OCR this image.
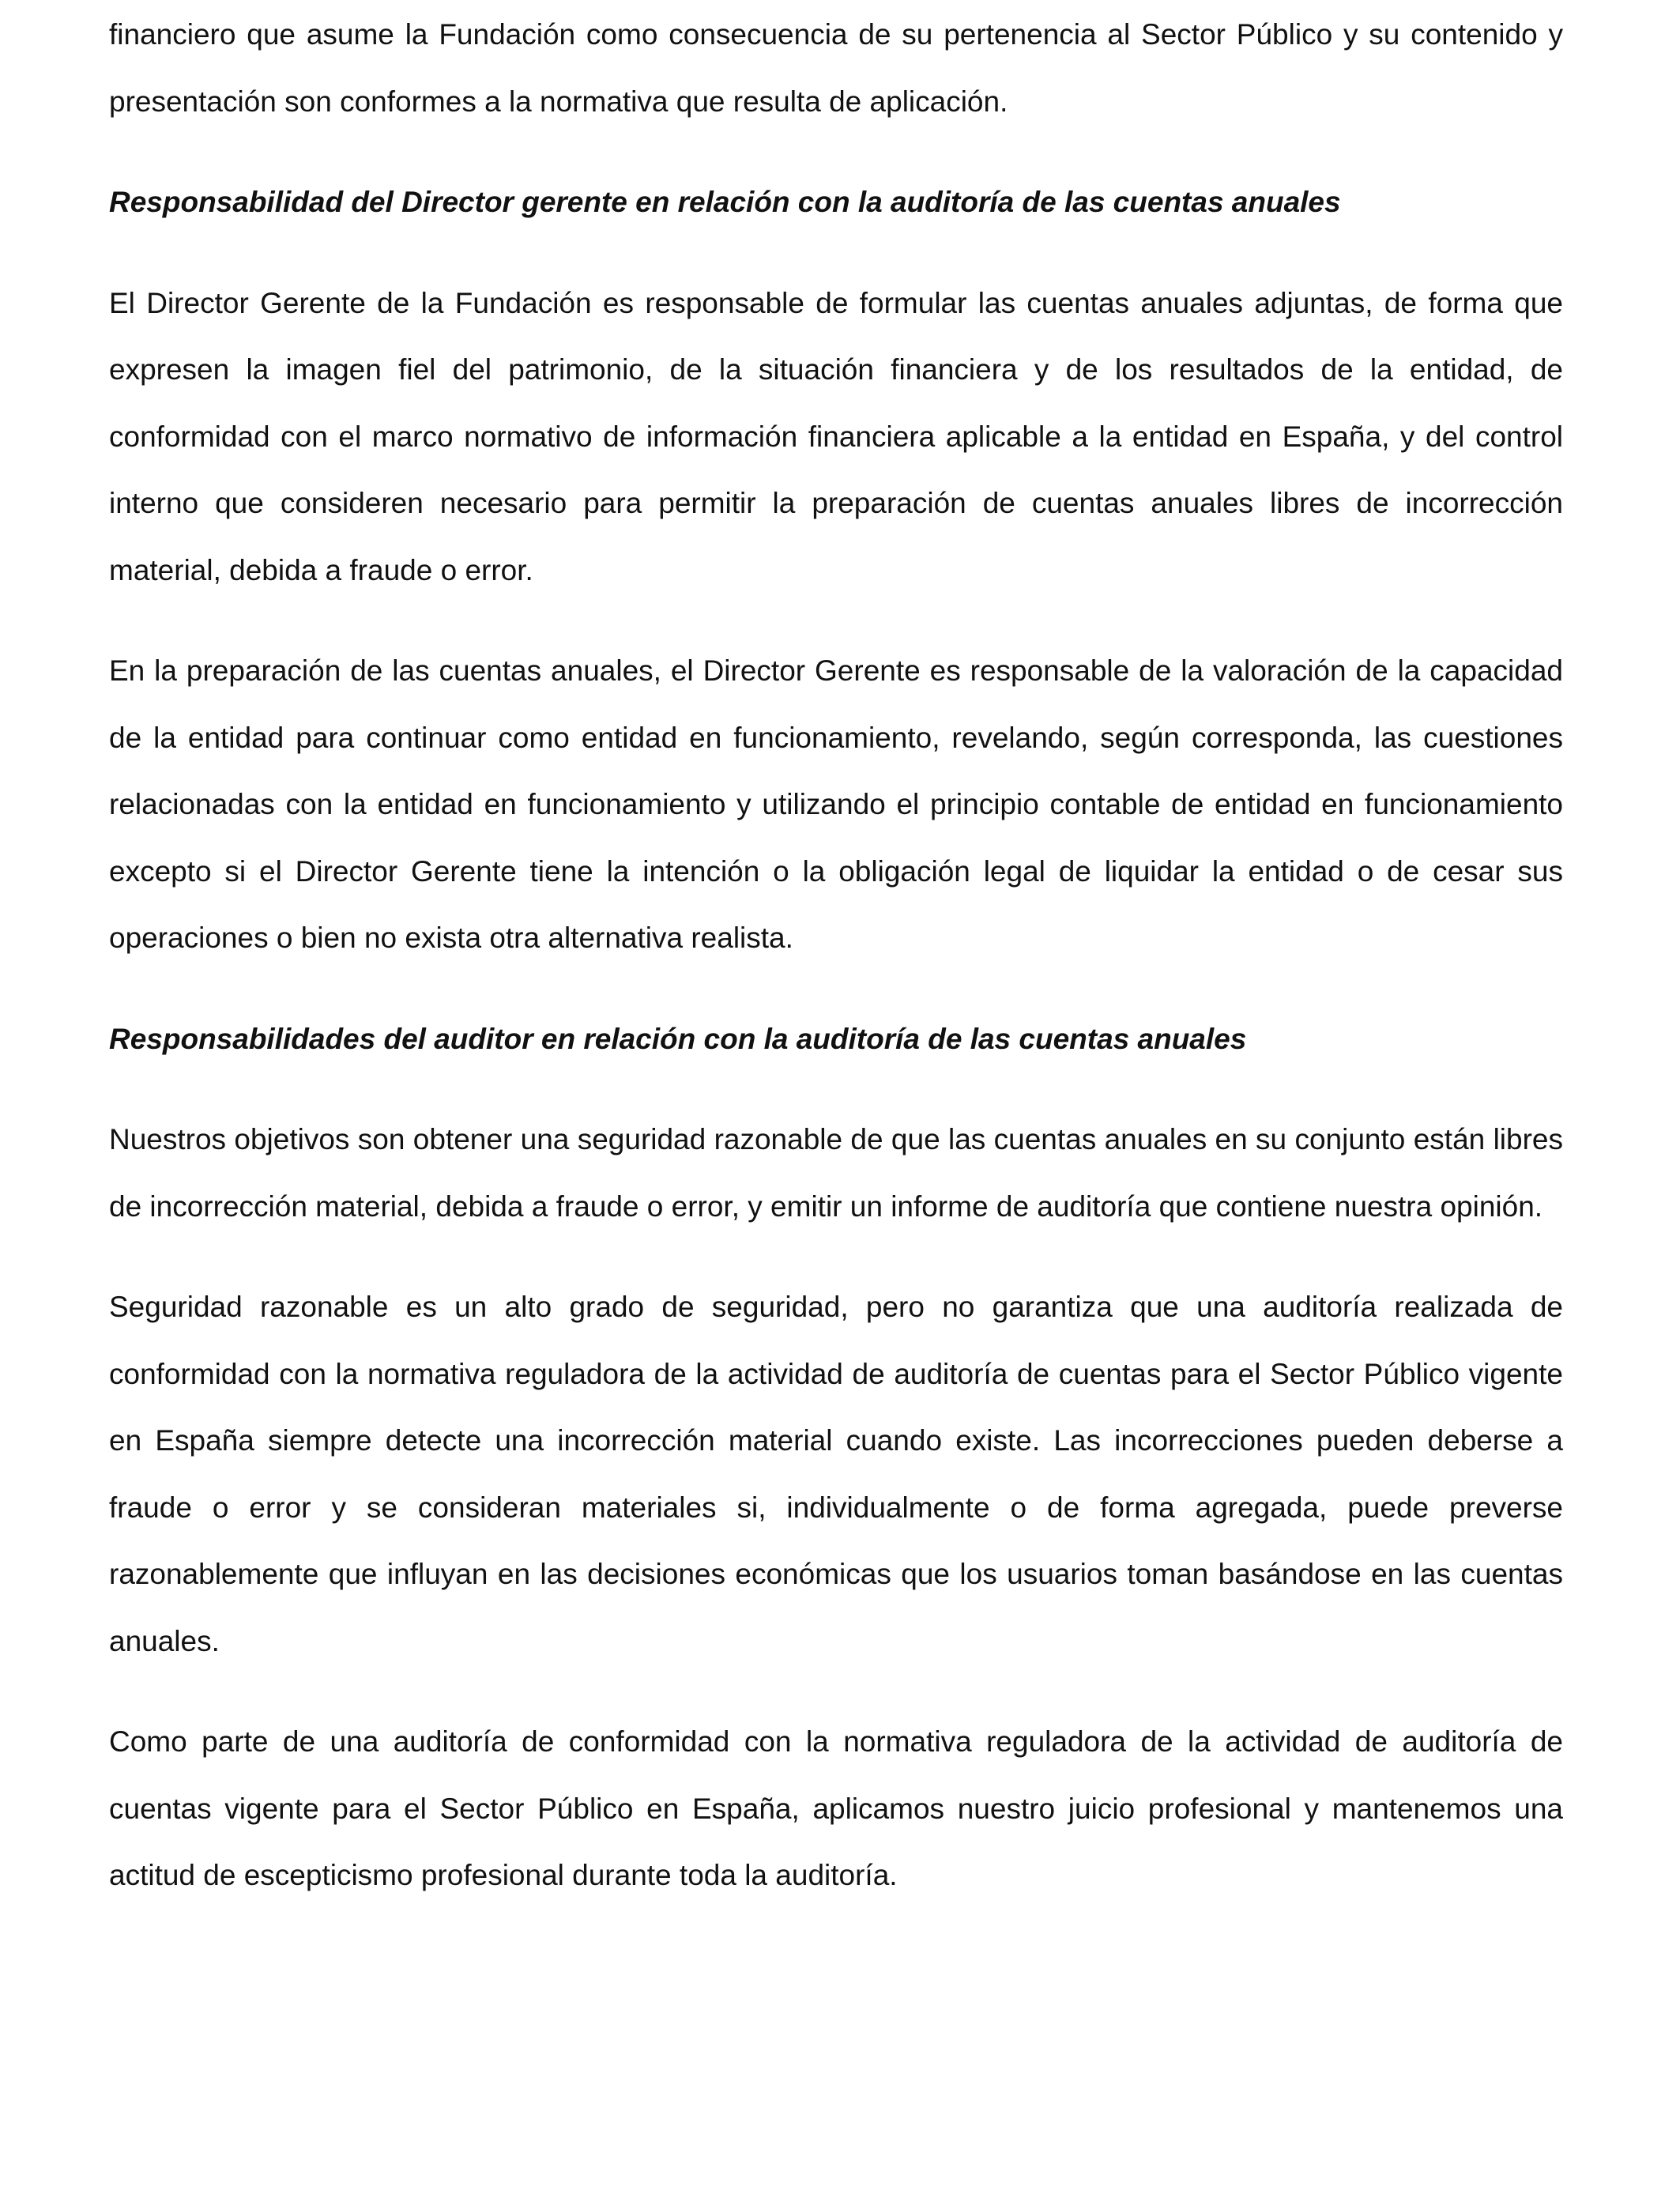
financiero que asume la Fundación como consecuencia de su pertenencia al Sector Público y su contenido y presentación son conformes a la normativa que resulta de aplicación.

Responsabilidad del Director gerente en relación con la auditoría de las cuentas anuales

El Director Gerente de la Fundación es responsable de formular las cuentas anuales adjuntas, de forma que expresen la imagen fiel del patrimonio, de la situación financiera y de los resultados de la entidad, de conformidad con el marco normativo de información financiera aplicable a la entidad en España, y del control interno que consideren necesario para permitir la preparación de cuentas anuales libres de incorrección material, debida a fraude o error.

En la preparación de las cuentas anuales, el Director Gerente es responsable de la valoración de la capacidad de la entidad para continuar como entidad en funcionamiento, revelando, según corresponda, las cuestiones relacionadas con la entidad en funcionamiento y utilizando el principio contable de entidad en funcionamiento excepto si el Director Gerente tiene la intención o la obligación legal de liquidar la entidad o de cesar sus operaciones o bien no exista otra alternativa realista.

Responsabilidades del auditor en relación con la auditoría de las cuentas anuales

Nuestros objetivos son obtener una seguridad razonable de que las cuentas anuales en su conjunto están libres de incorrección material, debida a fraude o error, y emitir un informe de auditoría que contiene nuestra opinión.

Seguridad razonable es un alto grado de seguridad, pero no garantiza que una auditoría realizada de conformidad con la normativa reguladora de la actividad de auditoría de cuentas para el Sector Público vigente en España siempre detecte una incorrección material cuando existe. Las incorrecciones pueden deberse a fraude o error y se consideran materiales si, individualmente o de forma agregada, puede preverse razonablemente que influyan en las decisiones económicas que los usuarios toman basándose en las cuentas anuales.

Como parte de una auditoría de conformidad con la normativa reguladora de la actividad de auditoría de cuentas vigente para el Sector Público en España, aplicamos nuestro juicio profesional y mantenemos una actitud de escepticismo profesional durante toda la auditoría.
